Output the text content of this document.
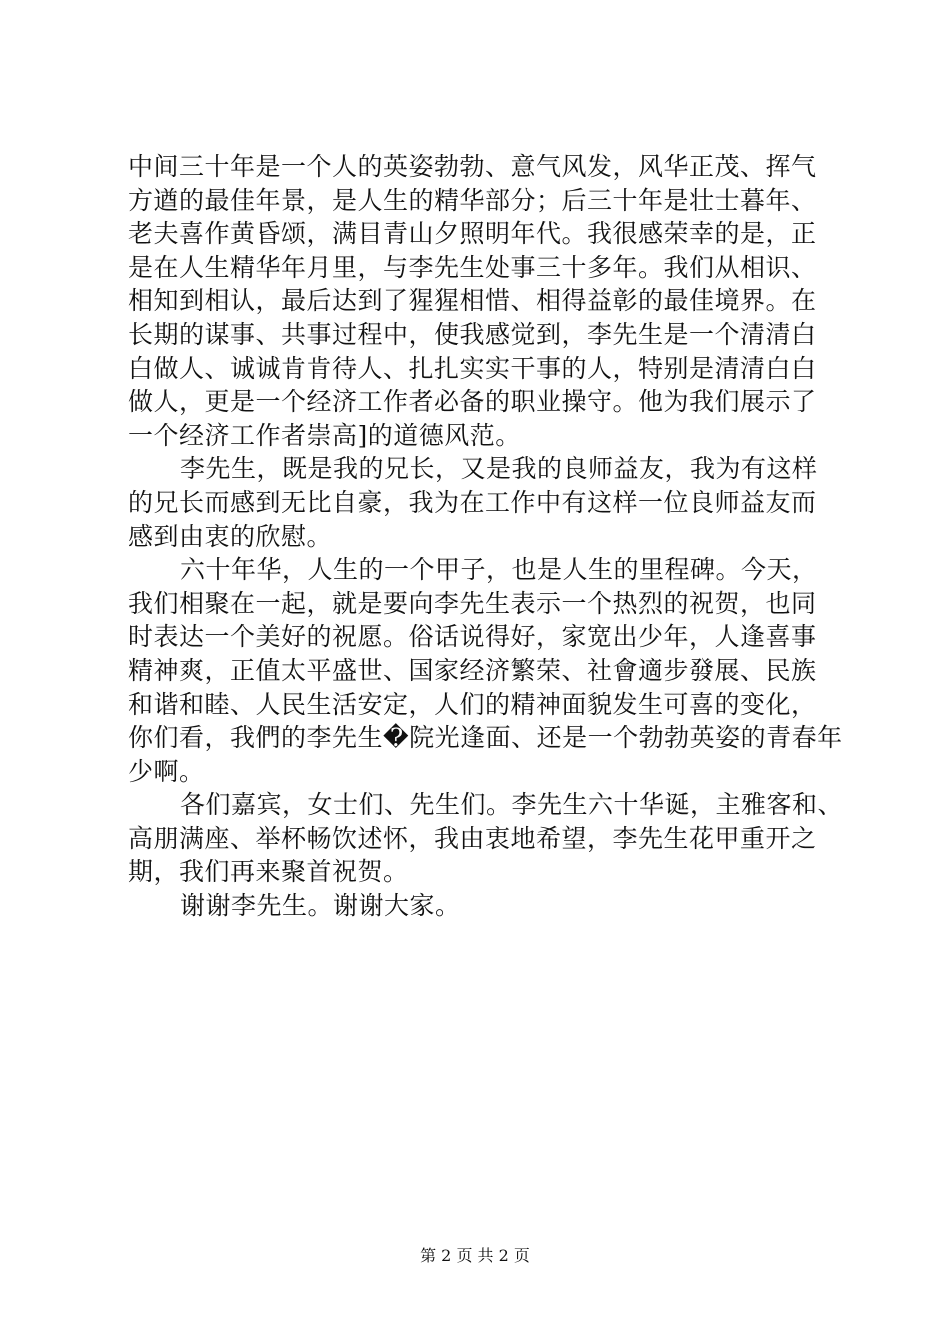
中间三十年是一个人的英姿勃勃、意气风发，风华正茂、挥气
方遒的最佳年景，是人生的精华部分；后三十年是壮士暮年、
老夫喜作黄昏颂，满目青山夕照明年代。我很感荣幸的是，正
是在人生精华年月里，与李先生处事三十多年。我们从相识、
相知到相认，最后达到了猩猩相惜、相得益彰的最佳境界。在
长期的谋事、共事过程中，使我感觉到，李先生是一个清清白
白做人、诚诚肯肯待人、扎扎实实干事的人，特别是清清白白
做人，更是一个经济工作者必备的职业操守。他为我们展示了
一个经济工作者崇高]的道德风范。
李先生，既是我的兄长，又是我的良师益友，我为有这样
的兄长而感到无比自豪，我为在工作中有这样一位良师益友而
感到由衷的欣慰。
六十年华，人生的一个甲子，也是人生的里程碑。今天，
我们相聚在一起，就是要向李先生表示一个热烈的祝贺，也同
时表达一个美好的祝愿。俗话说得好，家宽出少年，人逢喜事
精神爽，正值太平盛世、国家经济繁荣、社會適步發展、民族
和谐和睦、人民生活安定，人们的精神面貌发生可喜的变化，
你们看，我們的李先生�院光逢面、还是一个勃勃英姿的青春年
少啊。
各们嘉宾，女士们、先生们。李先生六十华诞，主雅客和、
高朋满座、举杯畅饮述怀，我由衷地希望，李先生花甲重开之
期，我们再来聚首祝贺。
谢谢李先生。谢谢大家。
第 2 页 共 2 页
